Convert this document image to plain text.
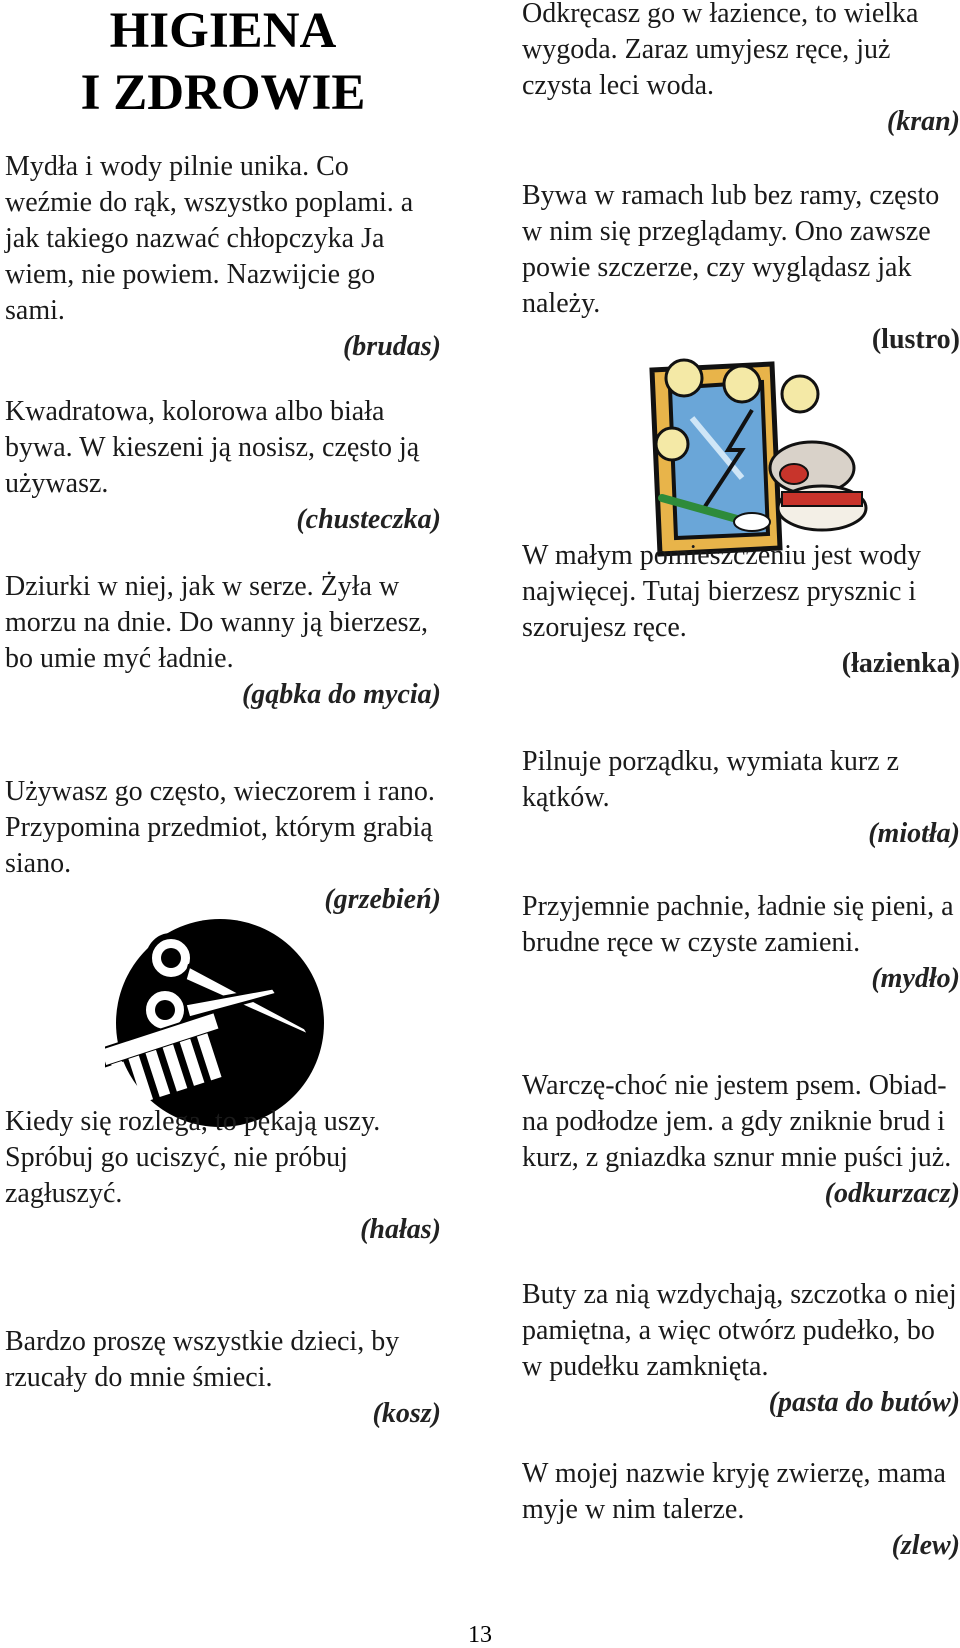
HIGIENA
I ZDROWIE
Mydła i wody pilnie unika. Co weźmie do rąk, wszystko poplami. a jak takiego nazwać chłopczyka Ja wiem, nie powiem. Nazwijcie go sami.
(brudas)
Kwadratowa, kolorowa albo biała bywa. W kieszeni ją nosisz, często ją używasz.
(chusteczka)
Dziurki w niej, jak w serze. Żyła w morzu na dnie. Do wanny ją bierzesz, bo umie myć ładnie.
(gąbka do mycia)
Używasz go często, wieczorem i rano. Przypomina przedmiot, którym grabią siano.
(grzebień)
Kiedy się rozlega, to pękają uszy. Spróbuj go uciszyć, nie próbuj zagłuszyć.
(hałas)
Bardzo proszę wszystkie dzieci, by rzucały do mnie śmieci.
(kosz)
Odkręcasz go w łazience, to wielka wygoda. Zaraz umyjesz ręce, już czysta leci woda.
(kran)
Bywa w ramach lub bez ramy, często w nim się przeglądamy. Ono zawsze powie szczerze, czy wyglądasz jak należy.
(lustro)
W małym pomieszczeniu jest wody najwięcej. Tutaj bierzesz prysznic i szorujesz ręce.
(łazienka)
Pilnuje porządku, wymiata kurz z kątków.
(miotła)
Przyjemnie pachnie, ładnie się pieni, a brudne ręce w czyste zamieni.
(mydło)
Warczę-choć nie jestem psem. Obiad-na podłodze jem. a gdy zniknie brud i kurz, z gniazdka sznur mnie puści już.
(odkurzacz)
Buty za nią wzdychają, szczotka o niej pamiętna, a więc otwórz pudełko, bo w pudełku zamknięta.
(pasta do butów)
W mojej nazwie kryję zwierzę, mama myje w nim talerze.
(zlew)
13
